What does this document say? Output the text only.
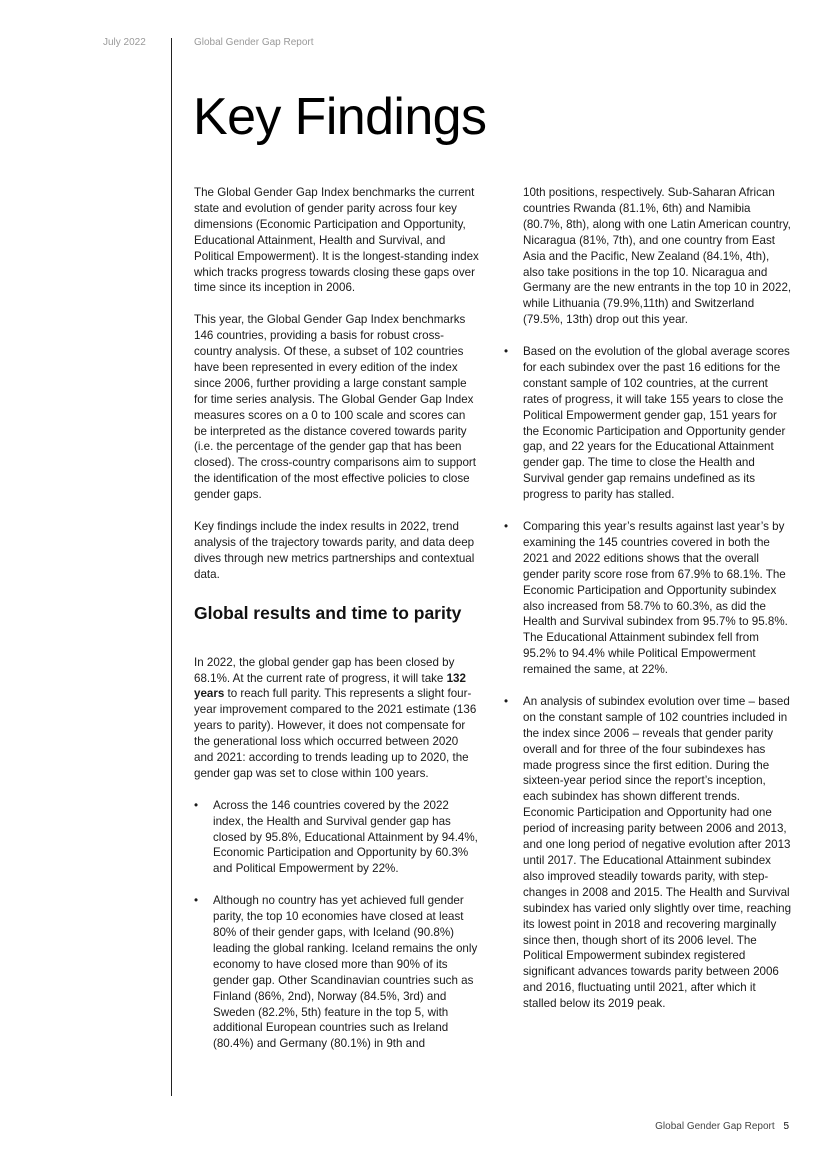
July 2022	Global Gender Gap Report
Key Findings

The Global Gender Gap Index benchmarks the current state and evolution of gender parity across four key dimensions (Economic Participation and Opportunity, Educational Attainment, Health and Survival, and Political Empowerment). It is the longest-standing index which tracks progress towards closing these gaps over time since its inception in 2006.

This year, the Global Gender Gap Index benchmarks 146 countries, providing a basis for robust cross-country analysis. Of these, a subset of 102 countries have been represented in every edition of the index since 2006, further providing a large constant sample for time series analysis. The Global Gender Gap Index measures scores on a 0 to 100 scale and scores can be interpreted as the distance covered towards parity (i.e. the percentage of the gender gap that has been closed). The cross-country comparisons aim to support the identification of the most effective policies to close gender gaps.

Key findings include the index results in 2022, trend analysis of the trajectory towards parity, and data deep dives through new metrics partnerships and contextual data.

Global results and time to parity

In 2022, the global gender gap has been closed by 68.1%. At the current rate of progress, it will take 132 years to reach full parity. This represents a slight four-year improvement compared to the 2021 estimate (136 years to parity). However, it does not compensate for the generational loss which occurred between 2020 and 2021: according to trends leading up to 2020, the gender gap was set to close within 100 years.

• Across the 146 countries covered by the 2022 index, the Health and Survival gender gap has closed by 95.8%, Educational Attainment by 94.4%, Economic Participation and Opportunity by 60.3% and Political Empowerment by 22%.
• Although no country has yet achieved full gender parity, the top 10 economies have closed at least 80% of their gender gaps, with Iceland (90.8%) leading the global ranking. Iceland remains the only economy to have closed more than 90% of its gender gap. Other Scandinavian countries such as Finland (86%, 2nd), Norway (84.5%, 3rd) and Sweden (82.2%, 5th) feature in the top 5, with additional European countries such as Ireland (80.4%) and Germany (80.1%) in 9th and

10th positions, respectively. Sub-Saharan African countries Rwanda (81.1%, 6th) and Namibia (80.7%, 8th), along with one Latin American country, Nicaragua (81%, 7th), and one country from East Asia and the Pacific, New Zealand (84.1%, 4th), also take positions in the top 10. Nicaragua and Germany are the new entrants in the top 10 in 2022, while Lithuania (79.9%,11th) and Switzerland (79.5%, 13th) drop out this year.

• Based on the evolution of the global average scores for each subindex over the past 16 editions for the constant sample of 102 countries, at the current rates of progress, it will take 155 years to close the Political Empowerment gender gap, 151 years for the Economic Participation and Opportunity gender gap, and 22 years for the Educational Attainment gender gap. The time to close the Health and Survival gender gap remains undefined as its progress to parity has stalled.
• Comparing this year’s results against last year’s by examining the 145 countries covered in both the 2021 and 2022 editions shows that the overall gender parity score rose from 67.9% to 68.1%. The Economic Participation and Opportunity subindex also increased from 58.7% to 60.3%, as did the Health and Survival subindex from 95.7% to 95.8%. The Educational Attainment subindex fell from 95.2% to 94.4% while Political Empowerment remained the same, at 22%.
• An analysis of subindex evolution over time – based on the constant sample of 102 countries included in the index since 2006 – reveals that gender parity overall and for three of the four subindexes has made progress since the first edition. During the sixteen-year period since the report’s inception, each subindex has shown different trends. Economic Participation and Opportunity had one period of increasing parity between 2006 and 2013, and one long period of negative evolution after 2013 until 2017. The Educational Attainment subindex also improved steadily towards parity, with step-changes in 2008 and 2015. The Health and Survival subindex has varied only slightly over time, reaching its lowest point in 2018 and recovering marginally since then, though short of its 2006 level. The Political Empowerment subindex registered significant advances towards parity between 2006 and 2016, fluctuating until 2021, after which it stalled below its 2019 peak.
Global Gender Gap Report 5
